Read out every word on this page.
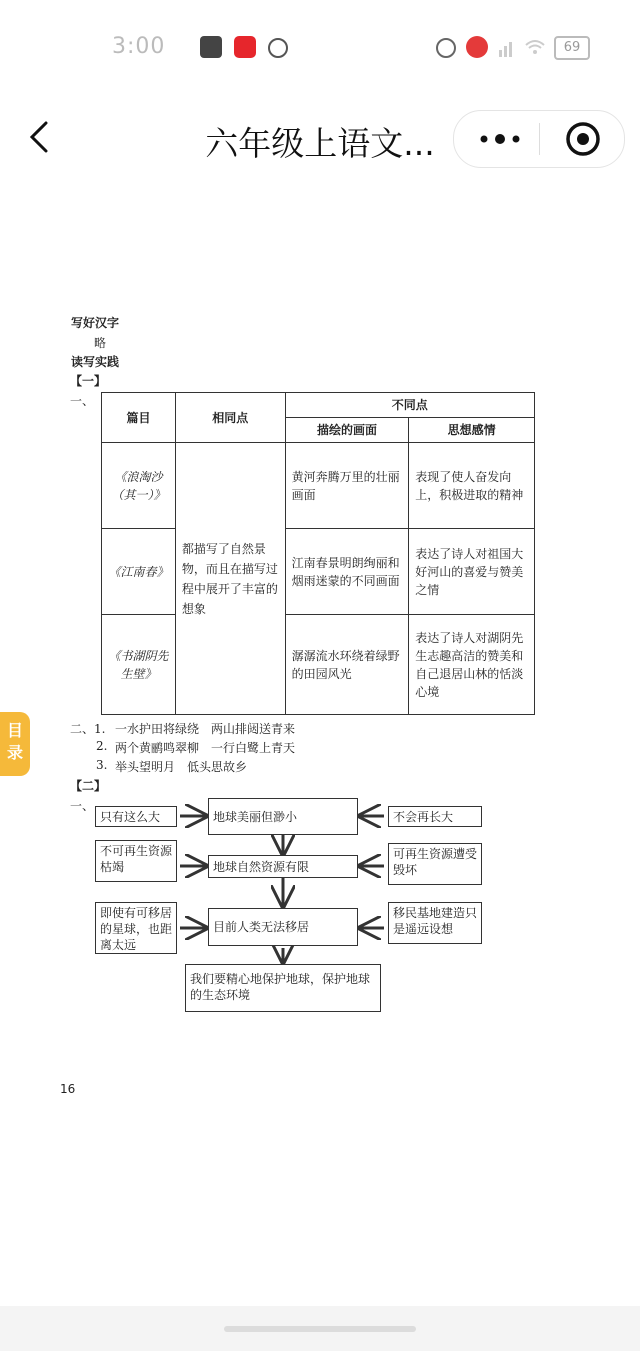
3:00	69
六年级上语文...
写好汉字
略
读写实践
【一】
一、
篇目	相同点	不同点	
		描绘的画面	思想感情
《浪淘沙（其一）》	都描写了自然景物，而且在描写过程中展开了丰富的想象	黄河奔腾万里的壮丽画面	表现了使人奋发向上，积极进取的精神
《江南春》		江南春景明朗绚丽和烟雨迷蒙的不同画面	表达了诗人对祖国大好河山的喜爱与赞美之情
《书湖阴先生壁》		潺潺流水环绕着绿野的田园风光	表达了诗人对湖阴先生志趣高洁的赞美和自己退居山林的恬淡心境
二、1. 一水护田将绿绕　两山排闼送青来
2. 两个黄鹂鸣翠柳　一行白鹭上青天
3. 举头望明月　低头思故乡
【二】
一、
只有这么大	地球美丽但渺小	不会再长大
不可再生资源枯竭	地球自然资源有限
可再生资源遭受毁坏
即使有可移居的星球，也距离太远
目前人类无法移居
移民基地建造只是遥远设想
我们要精心地保护地球，保护地球的生态环境
16
目录
